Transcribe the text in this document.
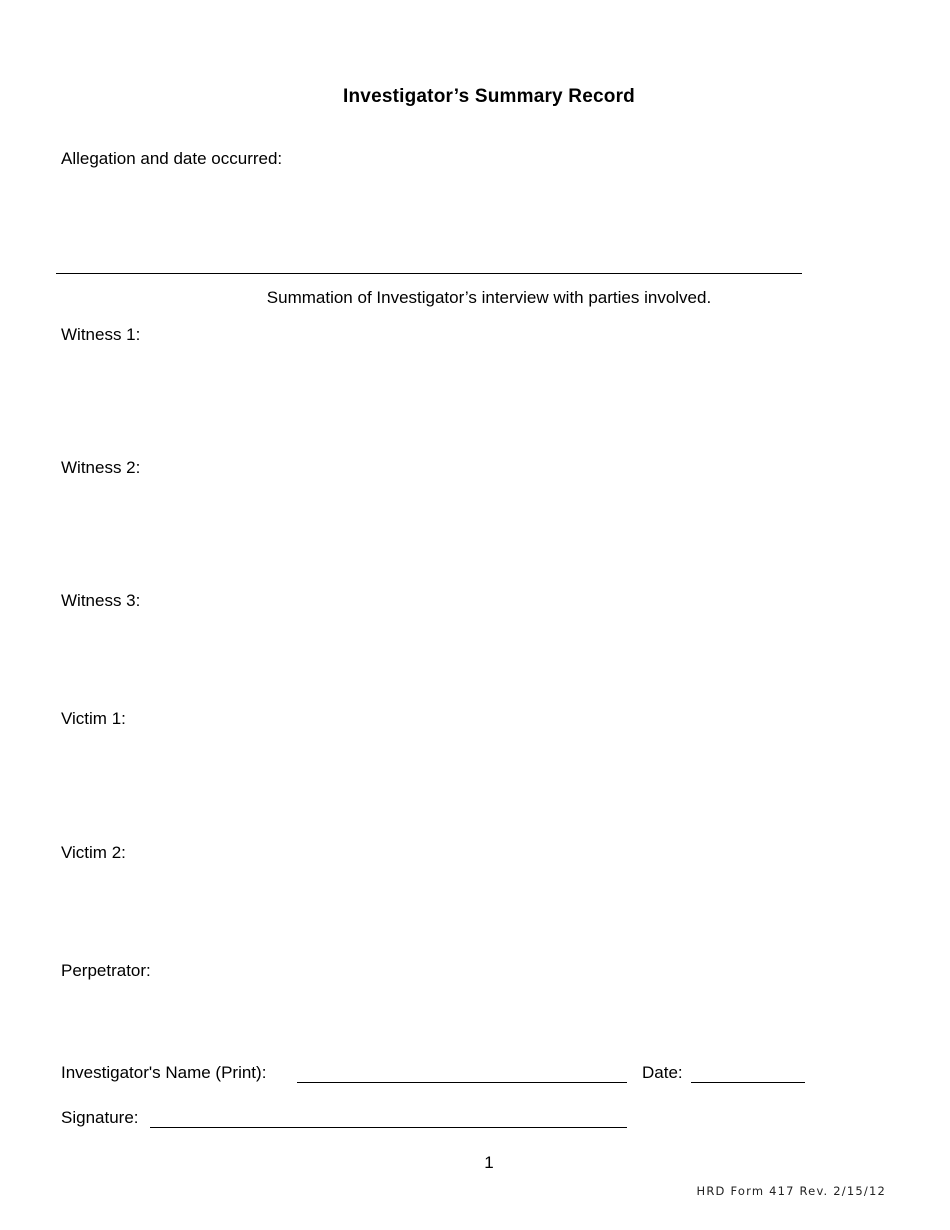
Investigator’s Summary Record
Allegation and date occurred:
Summation of Investigator’s interview with parties involved.
Witness 1:
Witness 2:
Witness 3:
Victim 1:
Victim 2:
Perpetrator:
Investigator's Name (Print):	Date:
Signature:
1
HRD Form 417 Rev. 2/15/12
